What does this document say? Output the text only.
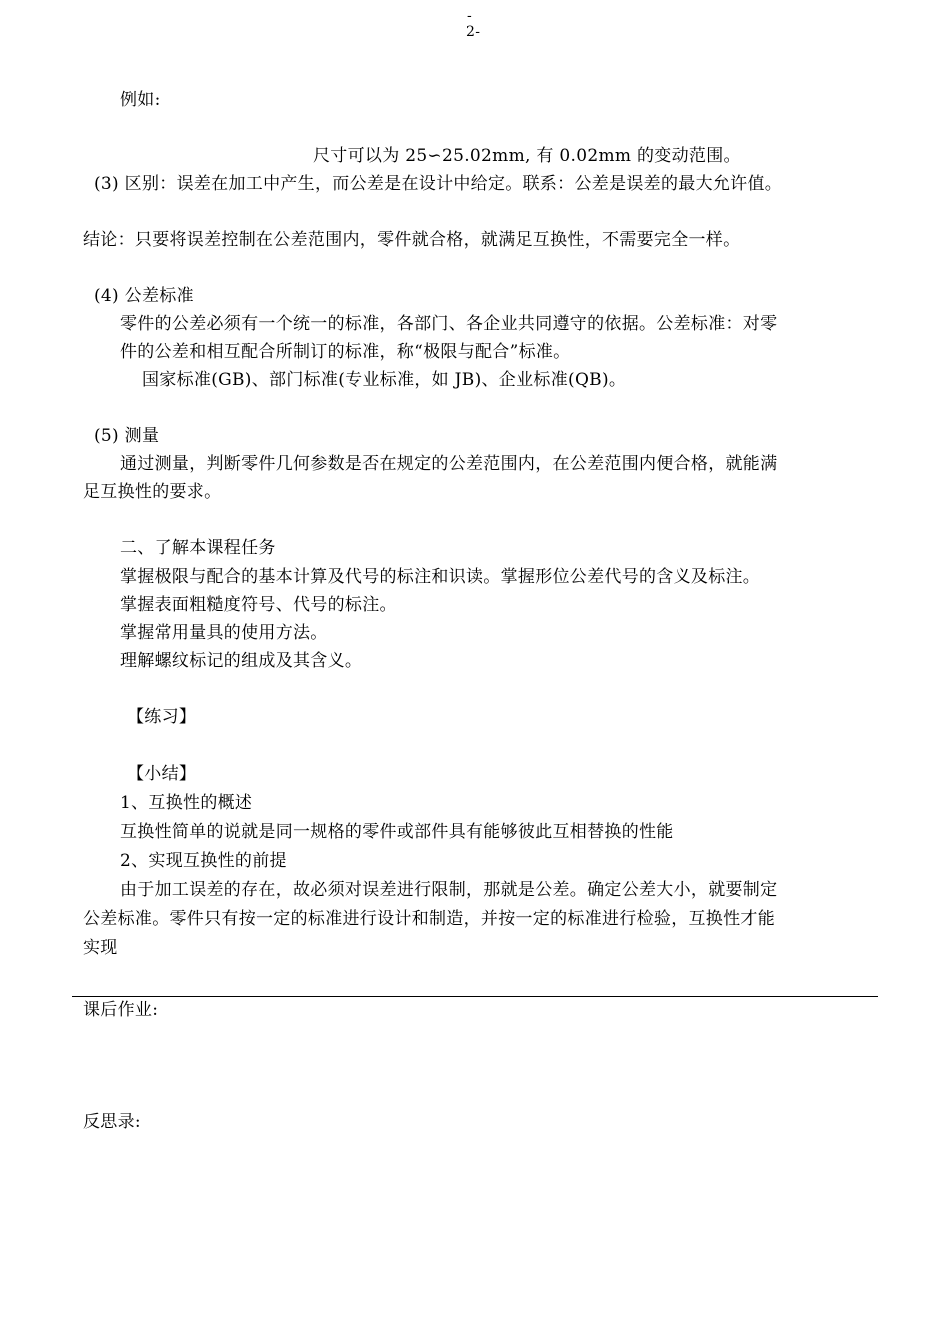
-
2-
例如:
尺寸可以为 25∽25.02mm, 有 0.02mm 的变动范围。
(3) 区别：误差在加工中产生，而公差是在设计中给定。联系：公差是误差的最大允许值。
结论：只要将误差控制在公差范围内，零件就合格，就满足互换性，不需要完全一样。
(4) 公差标准
零件的公差必须有一个统一的标准，各部门、各企业共同遵守的依据。公差标准：对零
件的公差和相互配合所制订的标准，称“极限与配合”标准。
国家标准(GB)、部门标准(专业标准，如 JB)、企业标准(QB)。
(5) 测量
通过测量，判断零件几何参数是否在规定的公差范围内，在公差范围内便合格，就能满
足互换性的要求。
二、了解本课程任务
掌握极限与配合的基本计算及代号的标注和识读。掌握形位公差代号的含义及标注。
掌握表面粗糙度符号、代号的标注。
掌握常用量具的使用方法。
理解螺纹标记的组成及其含义。
【练习】
【小结】
1、互换性的概述
互换性简单的说就是同一规格的零件或部件具有能够彼此互相替换的性能
2、实现互换性的前提
由于加工误差的存在，故必须对误差进行限制，那就是公差。确定公差大小，就要制定
公差标准。零件只有按一定的标准进行设计和制造，并按一定的标准进行检验，互换性才能
实现
课后作业:
反思录:
